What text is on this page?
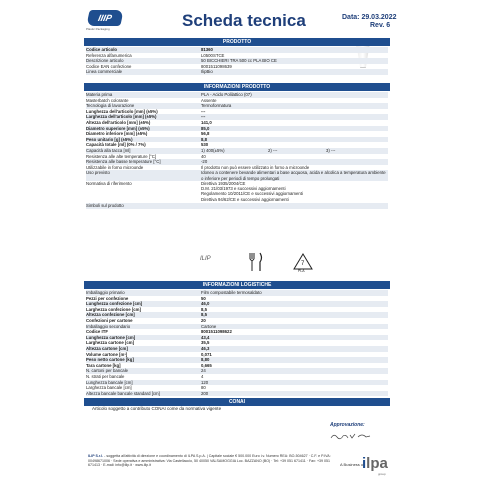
IIIP
Plastic Packaging	Scheda tecnica	Data: 29.03.2022
Rev. 6
PRODOTTO
Codice articolo	81360
Referenza alfanumerica	L0500STCE
Descrizione articolo	50 BICCHIERI TRA 500 cc PLA BIO CE
Codice EAN confezione	8001511098639
Linea commerciale	IlipBio
INFORMAZIONI PRODOTTO
Materia prima	PLA - Acido Polilattico (07)
Masterbatch colorante	Assente
Tecnologia di lavorazione	Termoformatura
Lunghezza dell'articolo [mm] (±5%)	---
Larghezza dell'articolo [mm] (±5%)	---
Altezza dell'articolo [mm] (±5%)	141,0
Diametro superiore [mm] (±5%)	85,0
Diametro inferiore [mm] (±5%)	56,8
Peso unitario [g] (±5%)	8,8
Capacità totale [ml] (0% / 7%)	530
Capacità alla tacca [ml]	1) 400(±5%)	2) ---	3) ---
Resistenza alle alte temperature [°C]	40
Resistenza alle basse temperature [°C]	-20
Utilizzabile in forno microonde	Il prodotto non può essere utilizzato in forno a microonde
Uso previsto	Idoneo a contenere bevande alimentari a base acquosa, acida e alcolica a temperatura ambiente o inferiore per periodi di tempo prolungati
Normativa di riferimento	Direttiva 1935/2004/CE
D.M. 21/03/1973 e successivi aggiornamenti
Regolamento 10/2011/CE e successivi aggiornamenti
Direttiva 94/62/CE e successivi aggiornamenti
Simboli sul prodotto
ILIP
7
PLA
INFORMAZIONI LOGISTICHE
Imballaggio primario	Film compostabile termosaldato
Pezzi per confezione	50
Lunghezza confezione [cm]	46,0
Larghezza confezione [cm]	8,5
Altezza confezione [cm]	8,5
Confezioni per cartone	20
Imballaggio secondario	Cartone
Codice ITF	8001511098622
Lunghezza cartone [cm]	43,4
Larghezza cartone [cm]	35,5
Altezza cartone [cm]	46,3
Volume cartone [m³]	0,071
Peso netto cartone [kg]	8,80
Tara cartone [kg]	0,665
N. cartoni per bancale	24
N. strati per bancale	4
Lunghezza bancale [cm]	120
Larghezza bancale [cm]	80
Altezza bancale bancale standard [cm]	200
CONAI
Articolo soggetto a contributo CONAI come da normativa vigente
Approvazione:
ILIP S.r.l. - soggetta all'attività di direzione e coordinamento di ILPA S.p.A. | Capitale sociale € 500.000 Euro i.v. Numero REA: BO-504627 · C.F. e P.IVA: 00498671006 · Sede operativa e amministrativa: Via Castellaccio, 50 40050 VALSAMOGGIA Loc. BAZZANO (BO) · Tel: +39 051 671411 · Fax: +39 051 671413 · E-mail: info@ilip.it · www.ilip.it	A Business of
ilpa
group
